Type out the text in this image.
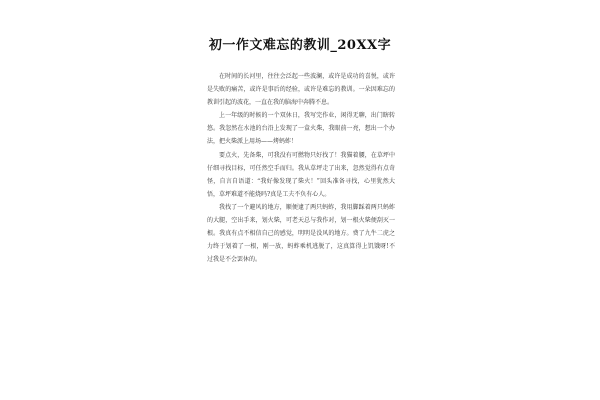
初一作文难忘的教训_20XX字

在时间的长河里，往往会泛起一些波澜，或许是成功的喜悦，或许是失败的痛苦，或许是事后的经验，或许是难忘的教训。一朵因难忘的教训引起的波花，一直在我的脑海中奔腾不息。

上一年级的时候的一个双休日，我写完作业，闲得无聊，出门瞎转悠。我忽然在水池的台沿上发现了一盒火柴，我眼前一亮，想出一个办法，把火柴派上用场——烤蚂蚱！

要点火，先备柴，可我没有可燃物只好找了！我猫着腰，在草坪中仔细寻找目标，可任然空手而归。我从草坪走了出来，忽然觉得有点奇怪，自言自语道：“我好像发现了柴火！”回头准备寻找，心里犹然大悟，草坪难道不能烧吗?真是工夫不负有心人。

我找了一个避风的地方，顺便逮了两只蚂蚱，我用脚踩着两只蚂蚱的大腿，空出手来，划火柴，可老天总与我作对，划一根火柴便刮灭一根。我真有点不相信自己的感觉，明明是没风的地方。费了九牛二虎之力终于划着了一根，刚一放，蚂蚱乘机逃脱了，这真算得上饥饿呀!不过我是不会罢休的。
